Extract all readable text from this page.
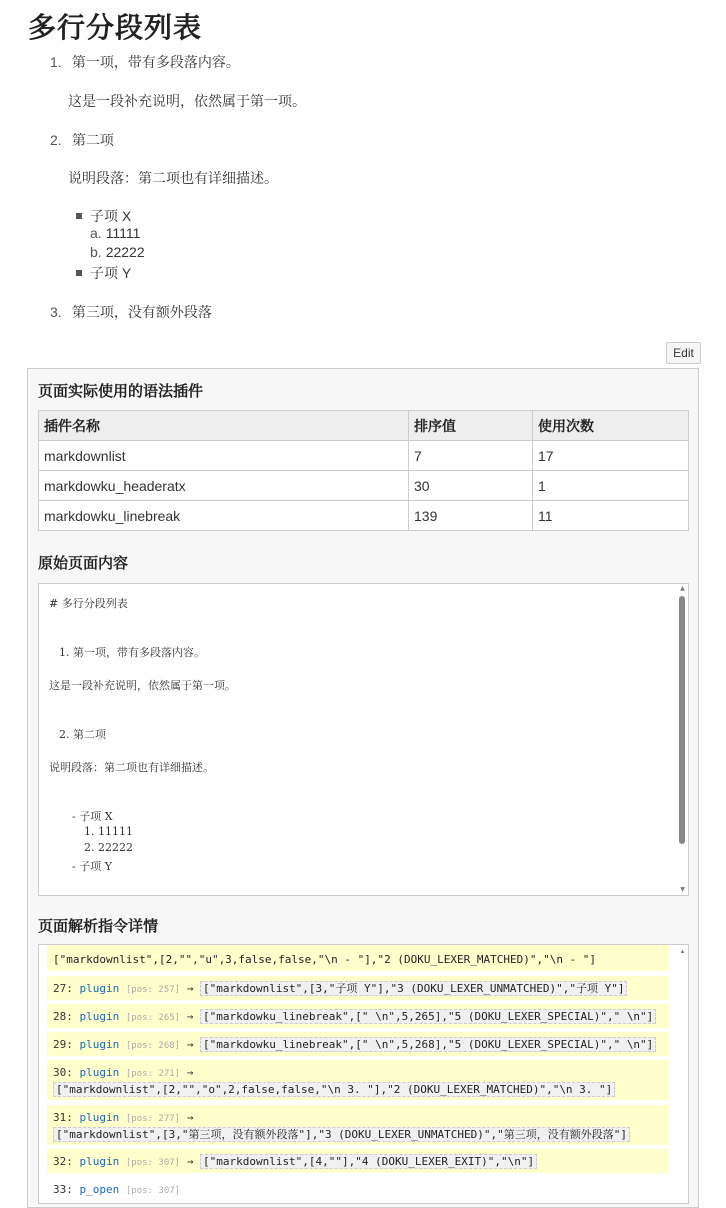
多行分段列表
1. 第一项，带有多段落内容。
这是一段补充说明，依然属于第一项。
2. 第二项
说明段落：第二项也有详细描述。
子项 X
a. 11111
b. 22222
子项 Y
3. 第三项，没有额外段落
Edit
页面实际使用的语法插件
插件名称	排序值	使用次数
markdownlist	7	17
markdowku_headeratx	30	1
markdowku_linebreak	139	11
原始页面内容
# 多行分段列表
1. 第一项，带有多段落内容。
这是一段补充说明，依然属于第一项。
2. 第二项
说明段落：第二项也有详细描述。
- 子项 X
1. 11111
2. 22222
- 子项 Y
▲
▼
页面解析指令详情

["markdownlist",[2,"","u",3,false,false,"\n - "],"2 (DOKU_LEXER_MATCHED)","\n - "]
27: plugin [pos: 257] → ["markdownlist",[3,"子项 Y"],"3 (DOKU_LEXER_UNMATCHED)","子项 Y"]
28: plugin [pos: 265] → ["markdowku_linebreak",[" \n",5,265],"5 (DOKU_LEXER_SPECIAL)"," \n"]
29: plugin [pos: 268] → ["markdowku_linebreak",[" \n",5,268],"5 (DOKU_LEXER_SPECIAL)"," \n"]
30: plugin [pos: 271] →
["markdownlist",[2,"","o",2,false,false,"\n 3. "],"2 (DOKU_LEXER_MATCHED)","\n 3. "]
31: plugin [pos: 277] →
["markdownlist",[3,"第三项，没有额外段落"],"3 (DOKU_LEXER_UNMATCHED)","第三项，没有额外段落"]
32: plugin [pos: 307] → ["markdownlist",[4,""],"4 (DOKU_LEXER_EXIT)","\n"]
33: p_open [pos: 307]
▲
